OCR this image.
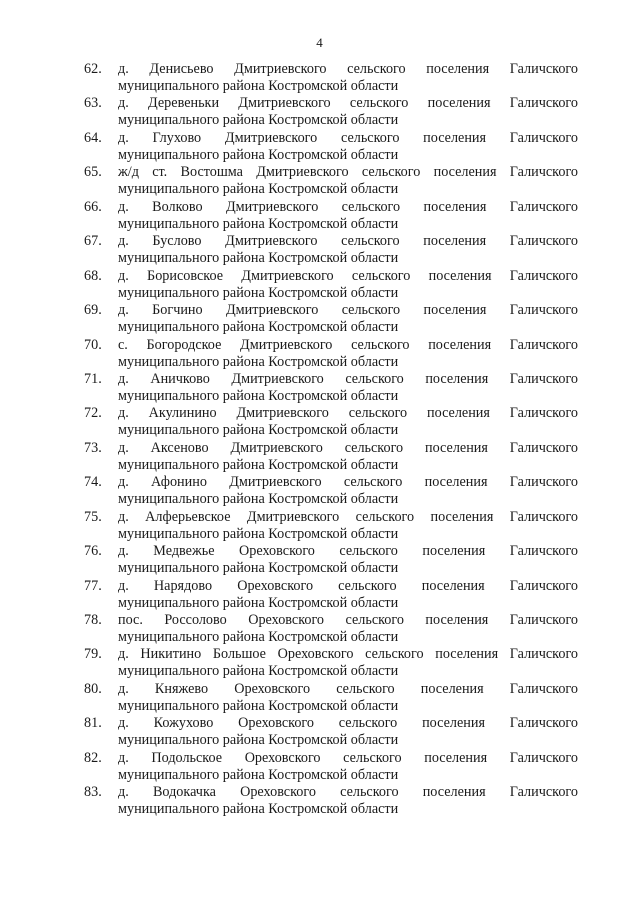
4
62.	д. Денисьево Дмитриевского сельского поселения Галичского
муниципального района Костромской области
63.	д. Деревеньки Дмитриевского сельского поселения Галичского
муниципального района Костромской области
64.	д. Глухово Дмитриевского сельского поселения Галичского
муниципального района Костромской области
65.	ж/д ст. Востошма Дмитриевского сельского поселения Галичского
муниципального района Костромской области
66.	д. Волково Дмитриевского сельского поселения Галичского
муниципального района Костромской области
67.	д. Буслово Дмитриевского сельского поселения Галичского
муниципального района Костромской области
68.	д. Борисовское Дмитриевского сельского поселения Галичского
муниципального района Костромской области
69.	д. Богчино Дмитриевского сельского поселения Галичского
муниципального района Костромской области
70.	с. Богородское Дмитриевского сельского поселения Галичского
муниципального района Костромской области
71.	д. Аничково Дмитриевского сельского поселения Галичского
муниципального района Костромской области
72.	д. Акулинино Дмитриевского сельского поселения Галичского
муниципального района Костромской области
73.	д. Аксеново Дмитриевского сельского поселения Галичского
муниципального района Костромской области
74.	д. Афонино Дмитриевского сельского поселения Галичского
муниципального района Костромской области
75.	д. Алферьевское Дмитриевского сельского поселения Галичского
муниципального района Костромской области
76.	д. Медвежье Ореховского сельского поселения Галичского
муниципального района Костромской области
77.	д. Нарядово Ореховского сельского поселения Галичского
муниципального района Костромской области
78.	пос. Россолово Ореховского сельского поселения Галичского
муниципального района Костромской области
79.	д. Никитино Большое Ореховского сельского поселения Галичского
муниципального района Костромской области
80.	д. Княжево Ореховского сельского поселения Галичского
муниципального района Костромской области
81.	д. Кожухово Ореховского сельского поселения Галичского
муниципального района Костромской области
82.	д. Подольское Ореховского сельского поселения Галичского
муниципального района Костромской области
83.	д. Водокачка Ореховского сельского поселения Галичского
муниципального района Костромской области
